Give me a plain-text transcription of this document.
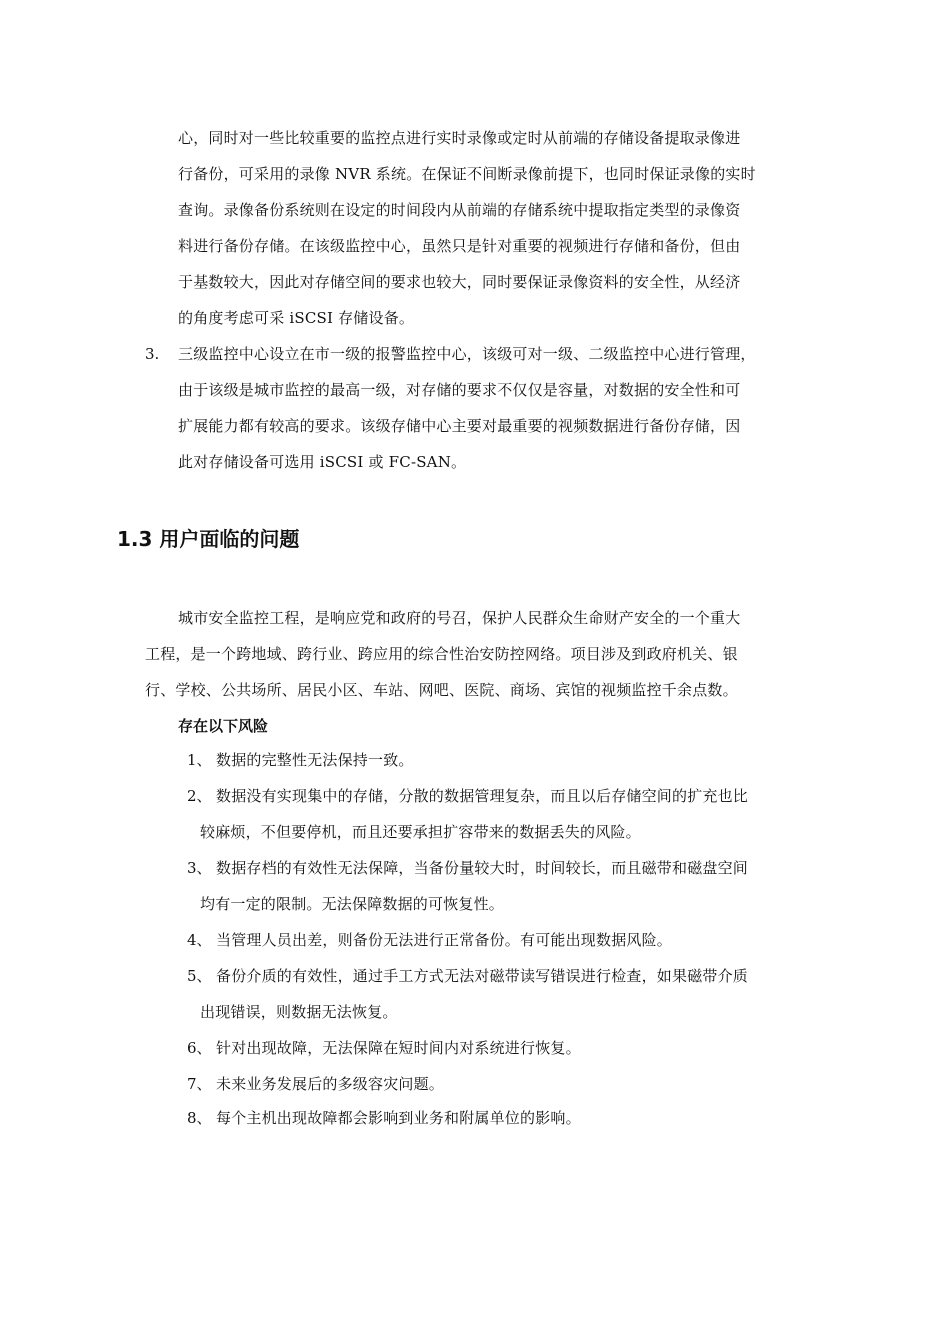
心，同时对一些比较重要的监控点进行实时录像或定时从前端的存储设备提取录像进
行备份，可采用的录像 NVR 系统。在保证不间断录像前提下，也同时保证录像的实时
查询。录像备份系统则在设定的时间段内从前端的存储系统中提取指定类型的录像资
料进行备份存储。在该级监控中心，虽然只是针对重要的视频进行存储和备份，但由
于基数较大，因此对存储空间的要求也较大，同时要保证录像资料的安全性，从经济
的角度考虑可采 iSCSI 存储设备。
3. 三级监控中心设立在市一级的报警监控中心，该级可对一级、二级监控中心进行管理，
由于该级是城市监控的最高一级，对存储的要求不仅仅是容量，对数据的安全性和可
扩展能力都有较高的要求。该级存储中心主要对最重要的视频数据进行备份存储，因
此对存储设备可选用 iSCSI 或 FC-SAN。
1.3 用户面临的问题
城市安全监控工程，是响应党和政府的号召，保护人民群众生命财产安全的一个重大
工程，是一个跨地域、跨行业、跨应用的综合性治安防控网络。项目涉及到政府机关、银
行、学校、公共场所、居民小区、车站、网吧、医院、商场、宾馆的视频监控千余点数。
存在以下风险
1、 数据的完整性无法保持一致。
2、 数据没有实现集中的存储，分散的数据管理复杂，而且以后存储空间的扩充也比
较麻烦，不但要停机，而且还要承担扩容带来的数据丢失的风险。
3、 数据存档的有效性无法保障，当备份量较大时，时间较长，而且磁带和磁盘空间
均有一定的限制。无法保障数据的可恢复性。
4、 当管理人员出差，则备份无法进行正常备份。有可能出现数据风险。
5、 备份介质的有效性，通过手工方式无法对磁带读写错误进行检查，如果磁带介质
出现错误，则数据无法恢复。
6、 针对出现故障，无法保障在短时间内对系统进行恢复。
7、 未来业务发展后的多级容灾问题。
8、 每个主机出现故障都会影响到业务和附属单位的影响。
